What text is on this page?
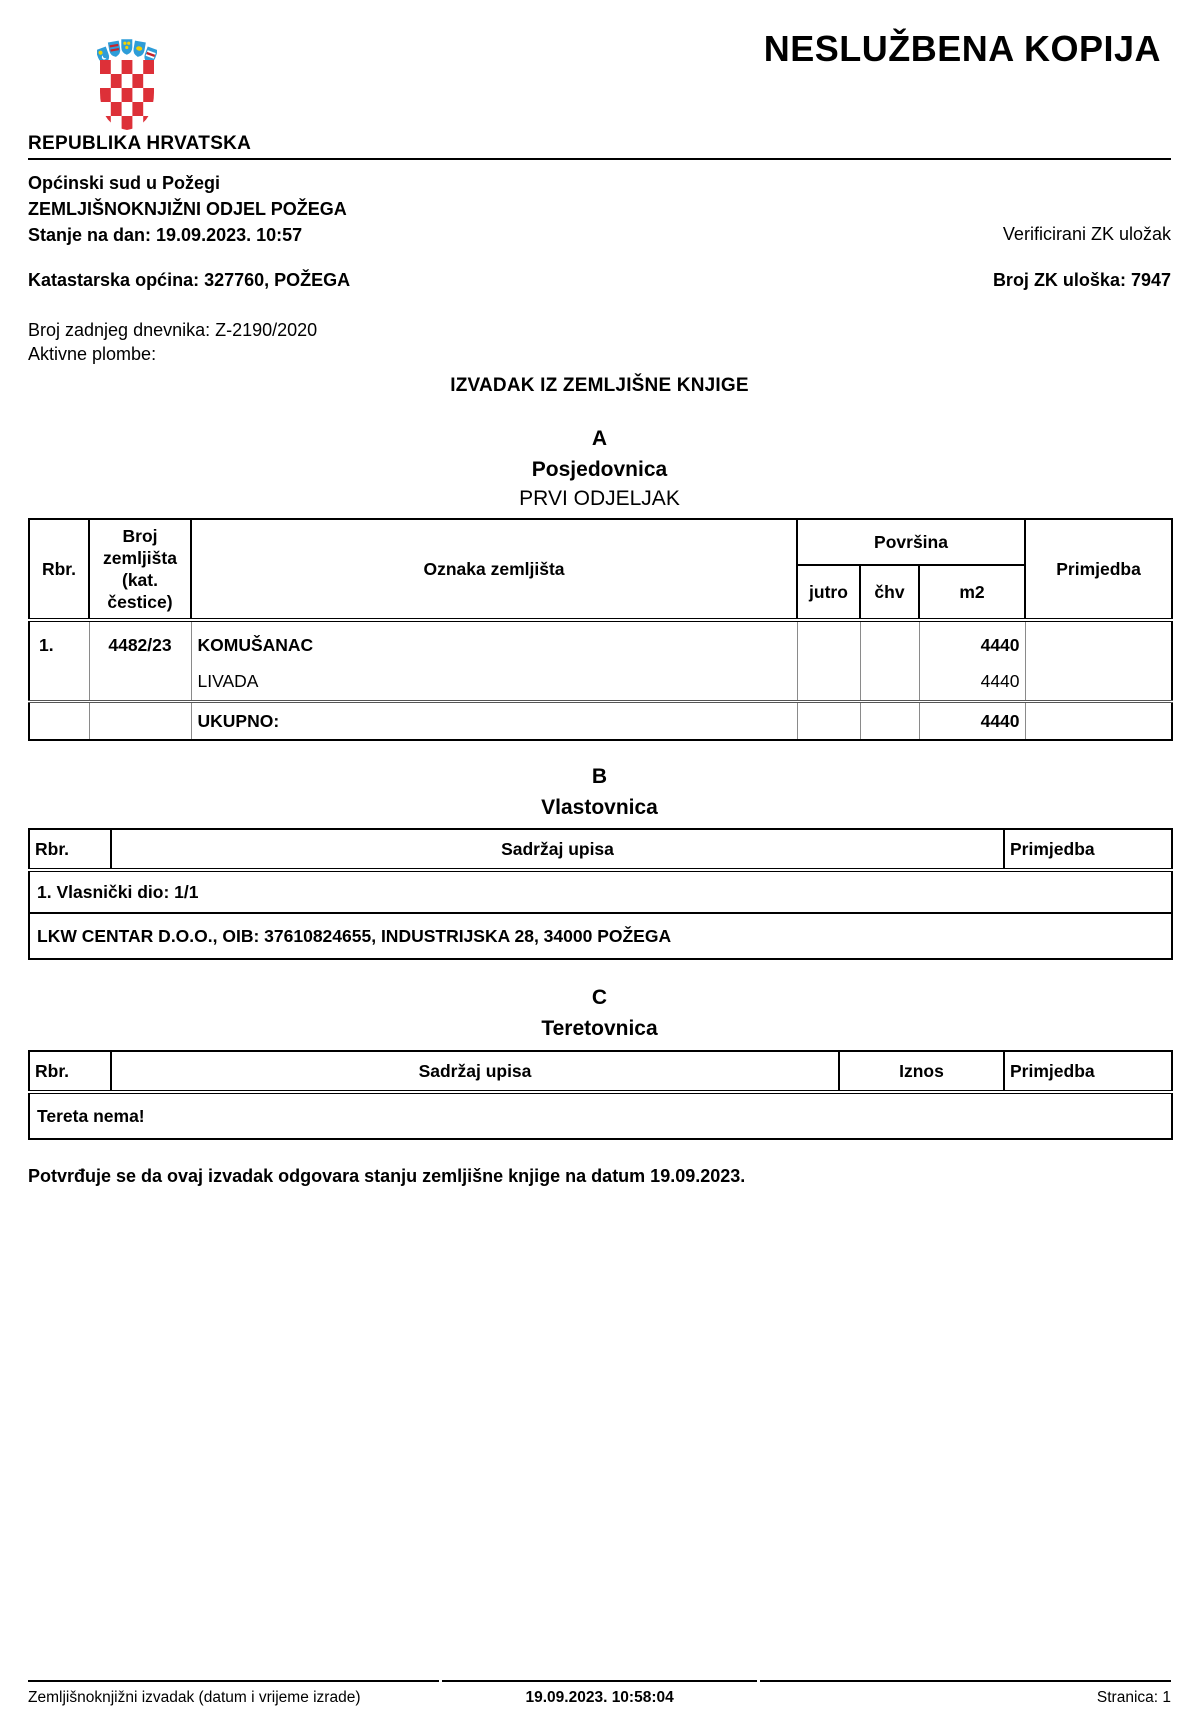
REPUBLIKA HRVATSKA
NESLUŽBENA KOPIJA
Općinski sud u Požegi
ZEMLJIŠNOKNJIŽNI ODJEL POŽEGA
Stanje na dan: 19.09.2023. 10:57	Verificirani ZK uložak
Katastarska općina: 327760, POŽEGA	Broj ZK uloška: 7947
Broj zadnjeg dnevnika: Z-2190/2020
Aktivne plombe:
IZVADAK IZ ZEMLJIŠNE KNJIGE
A
Posjedovnica
PRVI ODJELJAK
Rbr.	Broj zemljišta (kat. čestice)	Oznaka zemljišta	Površina			Primjedba
			jutro	čhv	m2	
1.	4482/23	KOMUŠANAC			4440	
		LIVADA			4440	
		UKUPNO:			4440	
B
Vlastovnica
Rbr.	Sadržaj upisa	Primjedba
1. Vlasnički dio: 1/1
LKW CENTAR D.O.O., OIB: 37610824655, INDUSTRIJSKA 28, 34000 POŽEGA
C
Teretovnica
Rbr.	Sadržaj upisa	Iznos	Primjedba
Tereta nema!
Potvrđuje se da ovaj izvadak odgovara stanju zemljišne knjige na datum 19.09.2023.
Zemljišnoknjižni izvadak (datum i vrijeme izrade)	19.09.2023. 10:58:04	Stranica: 1
